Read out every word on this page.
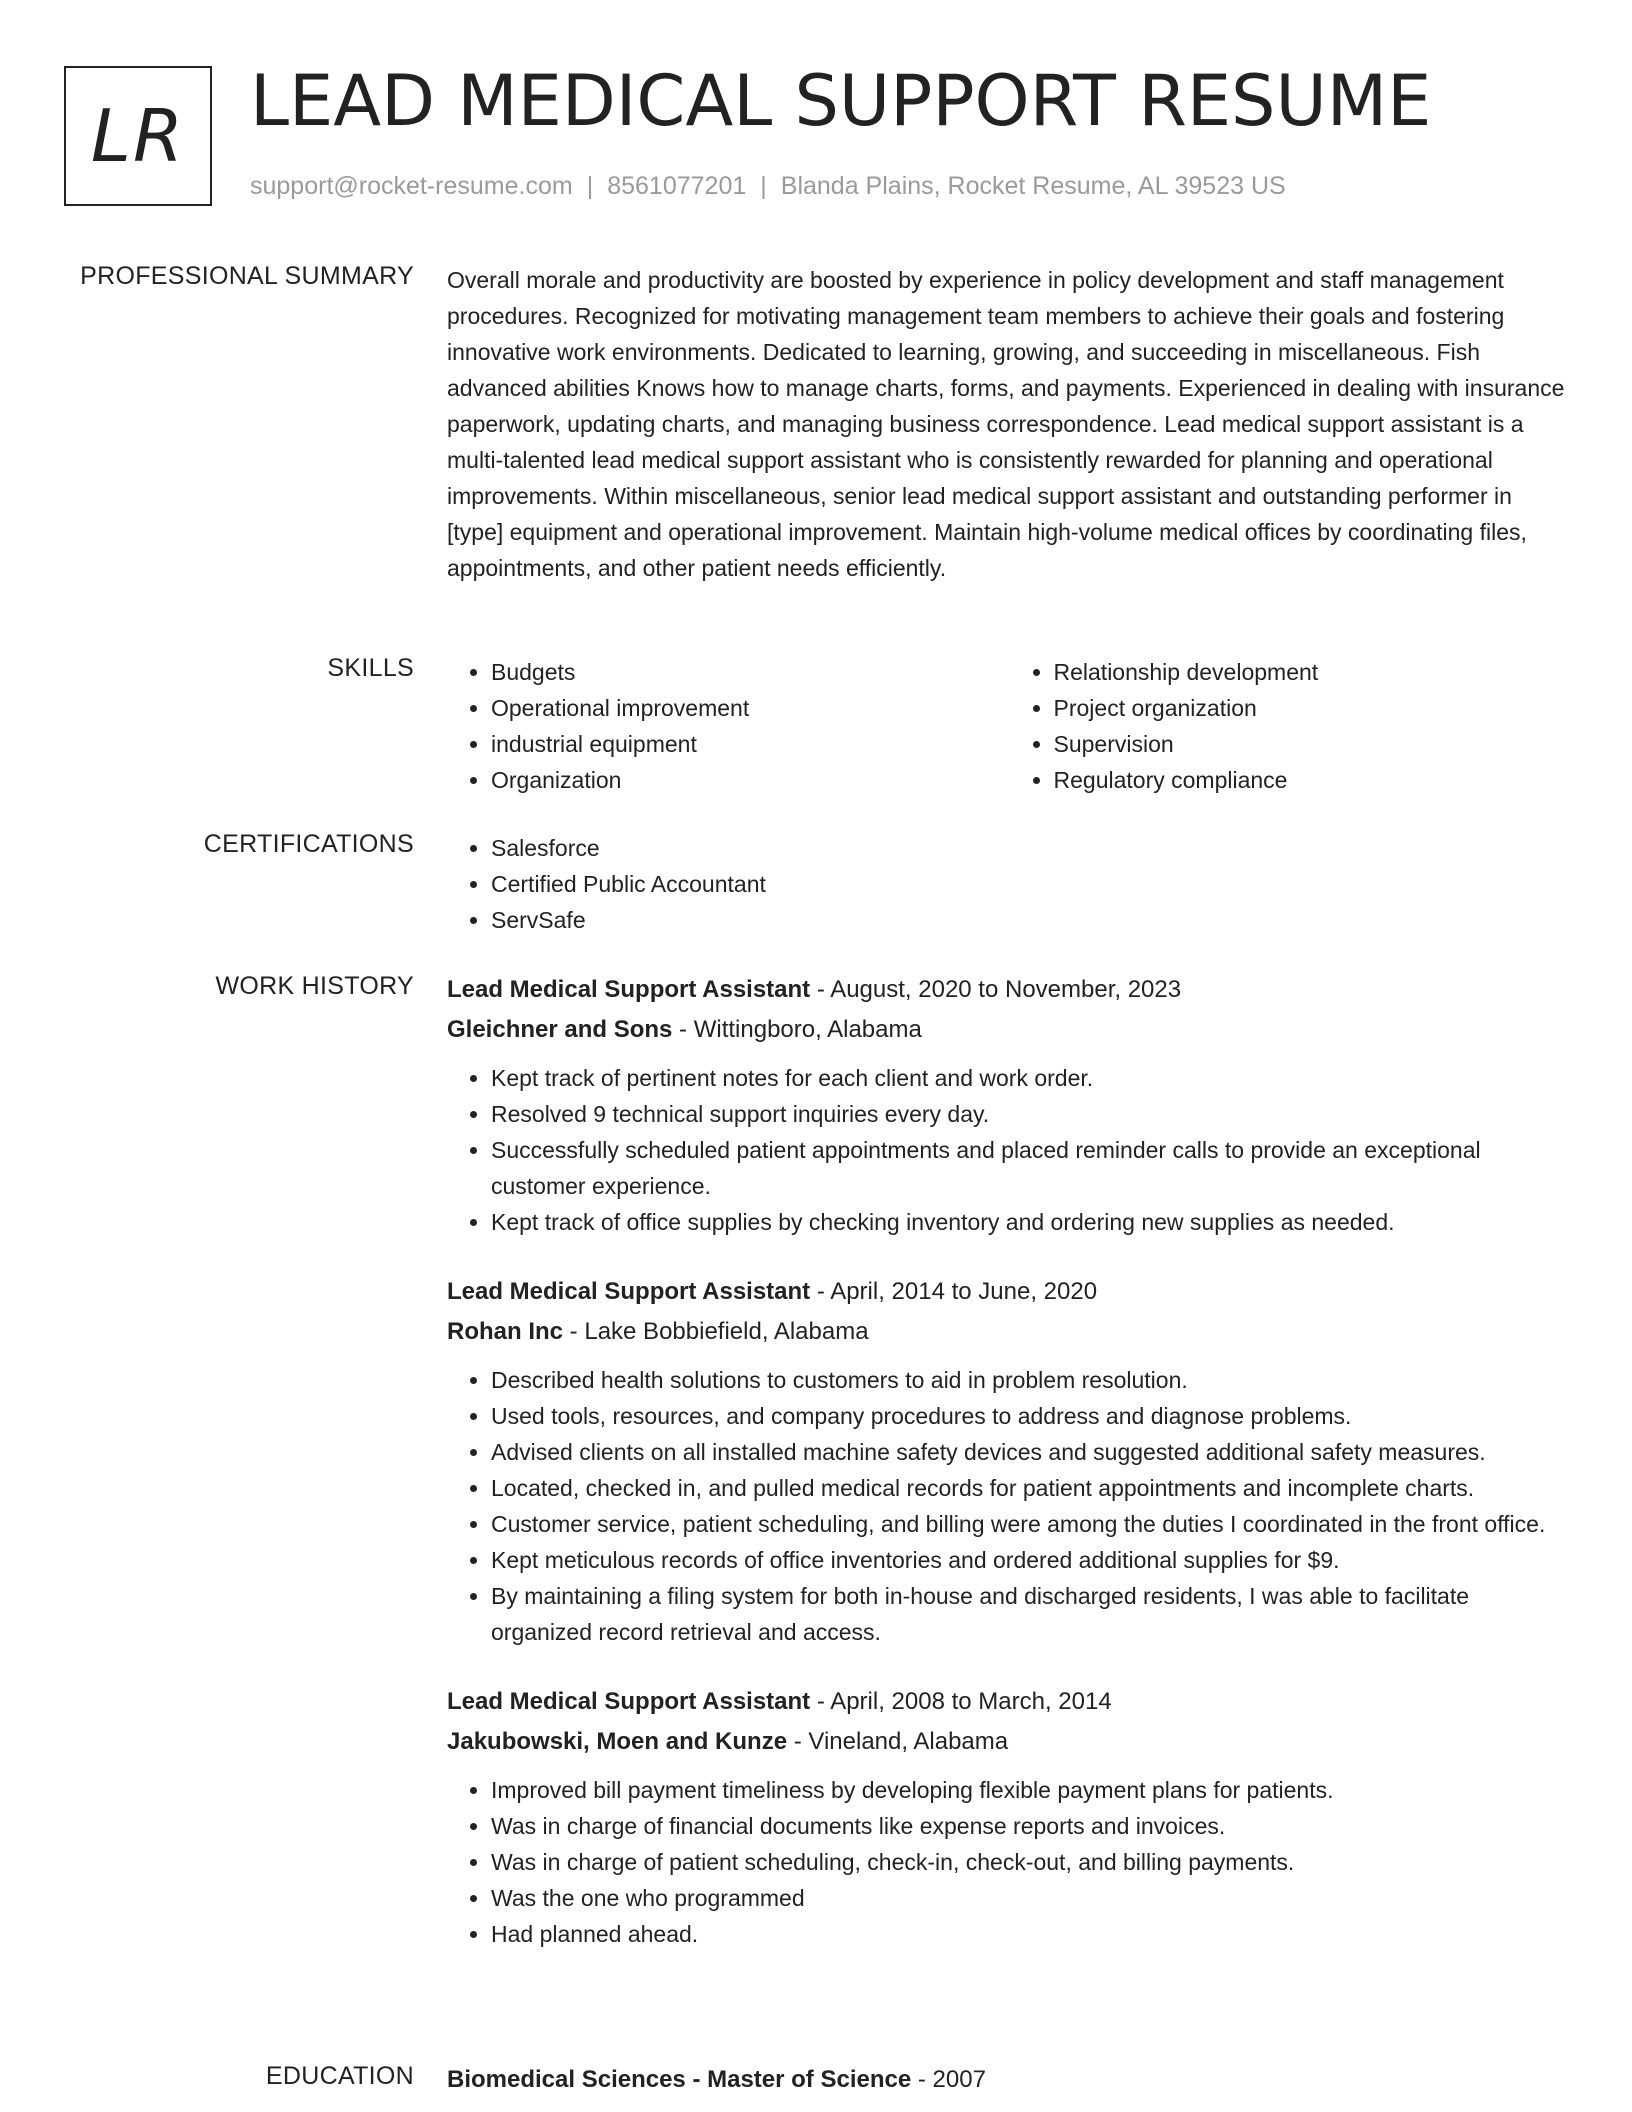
LR LEAD MEDICAL SUPPORT RESUME
support@rocket-resume.com | 8561077201 | Blanda Plains, Rocket Resume, AL 39523 US
PROFESSIONAL SUMMARY Overall morale and productivity are boosted by experience in policy development and staff management procedures. Recognized for motivating management team members to achieve their goals and fostering innovative work environments. Dedicated to learning, growing, and succeeding in miscellaneous. Fish advanced abilities Knows how to manage charts, forms, and payments. Experienced in dealing with insurance paperwork, updating charts, and managing business correspondence. Lead medical support assistant is a multi-talented lead medical support assistant who is consistently rewarded for planning and operational improvements. Within miscellaneous, senior lead medical support assistant and outstanding performer in [type] equipment and operational improvement. Maintain high-volume medical offices by coordinating files, appointments, and other patient needs efficiently.
SKILLS	• Budgets
• Operational improvement
• industrial equipment
• Organization
• Relationship development
• Project organization
• Supervision
• Regulatory compliance
CERTIFICATIONS	• Salesforce
• Certified Public Accountant
• ServSafe
WORK HISTORY Lead Medical Support Assistant - August, 2020 to November, 2023
Gleichner and Sons - Wittingboro, Alabama
• Kept track of pertinent notes for each client and work order.
• Resolved 9 technical support inquiries every day.
• Successfully scheduled patient appointments and placed reminder calls to provide an exceptional customer experience.
• Kept track of office supplies by checking inventory and ordering new supplies as needed.
Lead Medical Support Assistant - April, 2014 to June, 2020
Rohan Inc - Lake Bobbiefield, Alabama
• Described health solutions to customers to aid in problem resolution.
• Used tools, resources, and company procedures to address and diagnose problems.
• Advised clients on all installed machine safety devices and suggested additional safety measures.
• Located, checked in, and pulled medical records for patient appointments and incomplete charts.
• Customer service, patient scheduling, and billing were among the duties I coordinated in the front office.
• Kept meticulous records of office inventories and ordered additional supplies for $9.
• By maintaining a filing system for both in-house and discharged residents, I was able to facilitate organized record retrieval and access.
Lead Medical Support Assistant - April, 2008 to March, 2014
Jakubowski, Moen and Kunze - Vineland, Alabama
• Improved bill payment timeliness by developing flexible payment plans for patients.
• Was in charge of financial documents like expense reports and invoices.
• Was in charge of patient scheduling, check-in, check-out, and billing payments.
• Was the one who programmed
• Had planned ahead.
EDUCATION Biomedical Sciences - Master of Science - 2007
